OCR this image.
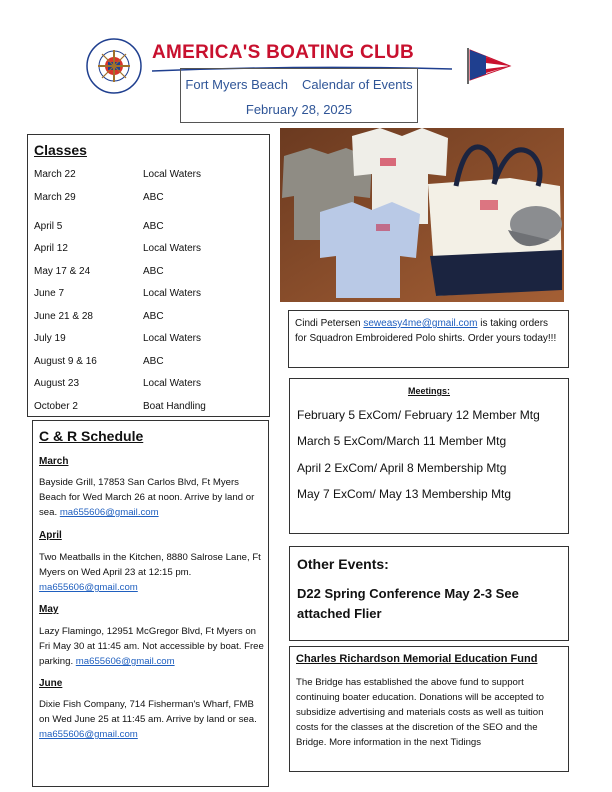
AMERICA'S BOATING CLUB
Fort Myers Beach Calendar of Events
February 28, 2025
Classes
March 22	Local Waters
March 29	ABC
April 5	ABC
April 12	Local Waters
May 17 & 24	ABC
June 7	Local Waters
June 21 & 28	ABC
July 19	Local Waters
August 9 & 16	ABC
August 23	Local Waters
October 2	Boat Handling
C & R Schedule
March
Bayside Grill, 17853 San Carlos Blvd, Ft Myers Beach for Wed March 26 at noon. Arrive by land or sea. ma655606@gmail.com
April
Two Meatballs in the Kitchen, 8880 Salrose Lane, Ft Myers on Wed April 23 at 12:15 pm. ma655606@gmail.com
May
Lazy Flamingo, 12951 McGregor Blvd, Ft Myers on Fri May 30 at 11:45 am. Not accessible by boat. Free parking. ma655606@gmail.com
June
Dixie Fish Company, 714 Fisherman's Wharf, FMB on Wed June 25 at 11:45 am. Arrive by land or sea. ma655606@gmail.com
Cindi Petersen seweasy4me@gmail.com is taking orders for Squadron Embroidered Polo shirts. Order yours today!!!
Meetings:
February 5 ExCom/ February 12 Member Mtg
March 5 ExCom/March 11 Member Mtg
April 2 ExCom/ April 8 Membership Mtg
May 7 ExCom/ May 13 Membership Mtg
Other Events:
D22 Spring Conference May 2-3 See attached Flier
Charles Richardson Memorial Education Fund
The Bridge has established the above fund to support continuing boater education. Donations will be accepted to subsidize advertising and materials costs as well as tuition costs for the classes at the discretion of the SEO and the Bridge. More information in the next Tidings
